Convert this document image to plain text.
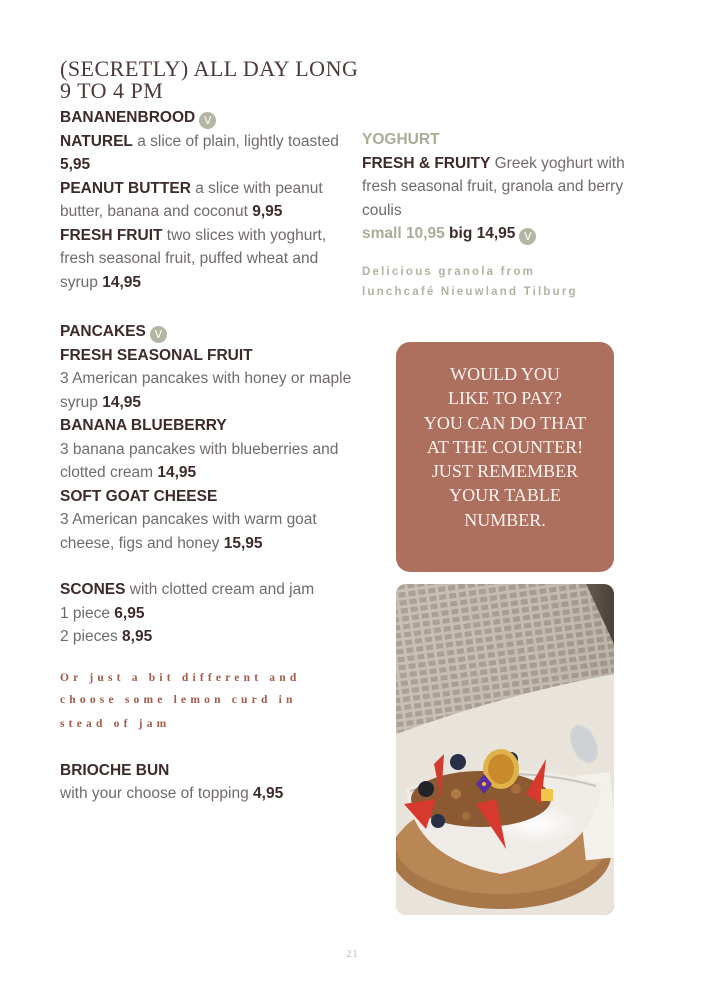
(SECRETLY) ALL DAY LONG
9 TO 4 PM
BANANENBROOD V
NATUREL a slice of plain, lightly toasted 5,95
PEANUT BUTTER a slice with peanut butter, banana and coconut 9,95
FRESH FRUIT two slices with yoghurt, fresh seasonal fruit, puffed wheat and syrup 14,95
PANCAKES V
FRESH SEASONAL FRUIT
3 American pancakes with honey or maple syrup 14,95
BANANA BLUEBERRY
3 banana pancakes with blueberries and clotted cream 14,95
SOFT GOAT CHEESE
3 American pancakes with warm goat cheese, figs and honey 15,95
SCONES with clotted cream and jam
1 piece 6,95
2 pieces 8,95
Or just a bit different and
choose some lemon curd in
stead of jam
BRIOCHE BUN
with your choose of topping 4,95
YOGHURT
FRESH & FRUITY Greek yoghurt with fresh seasonal fruit, granola and berry coulis
small 10,95 big 14,95 V
Delicious granola from
lunchcafé Nieuwland Tilburg
WOULD YOU
LIKE TO PAY?
YOU CAN DO THAT
AT THE COUNTER!
JUST REMEMBER
YOUR TABLE
NUMBER.
21
